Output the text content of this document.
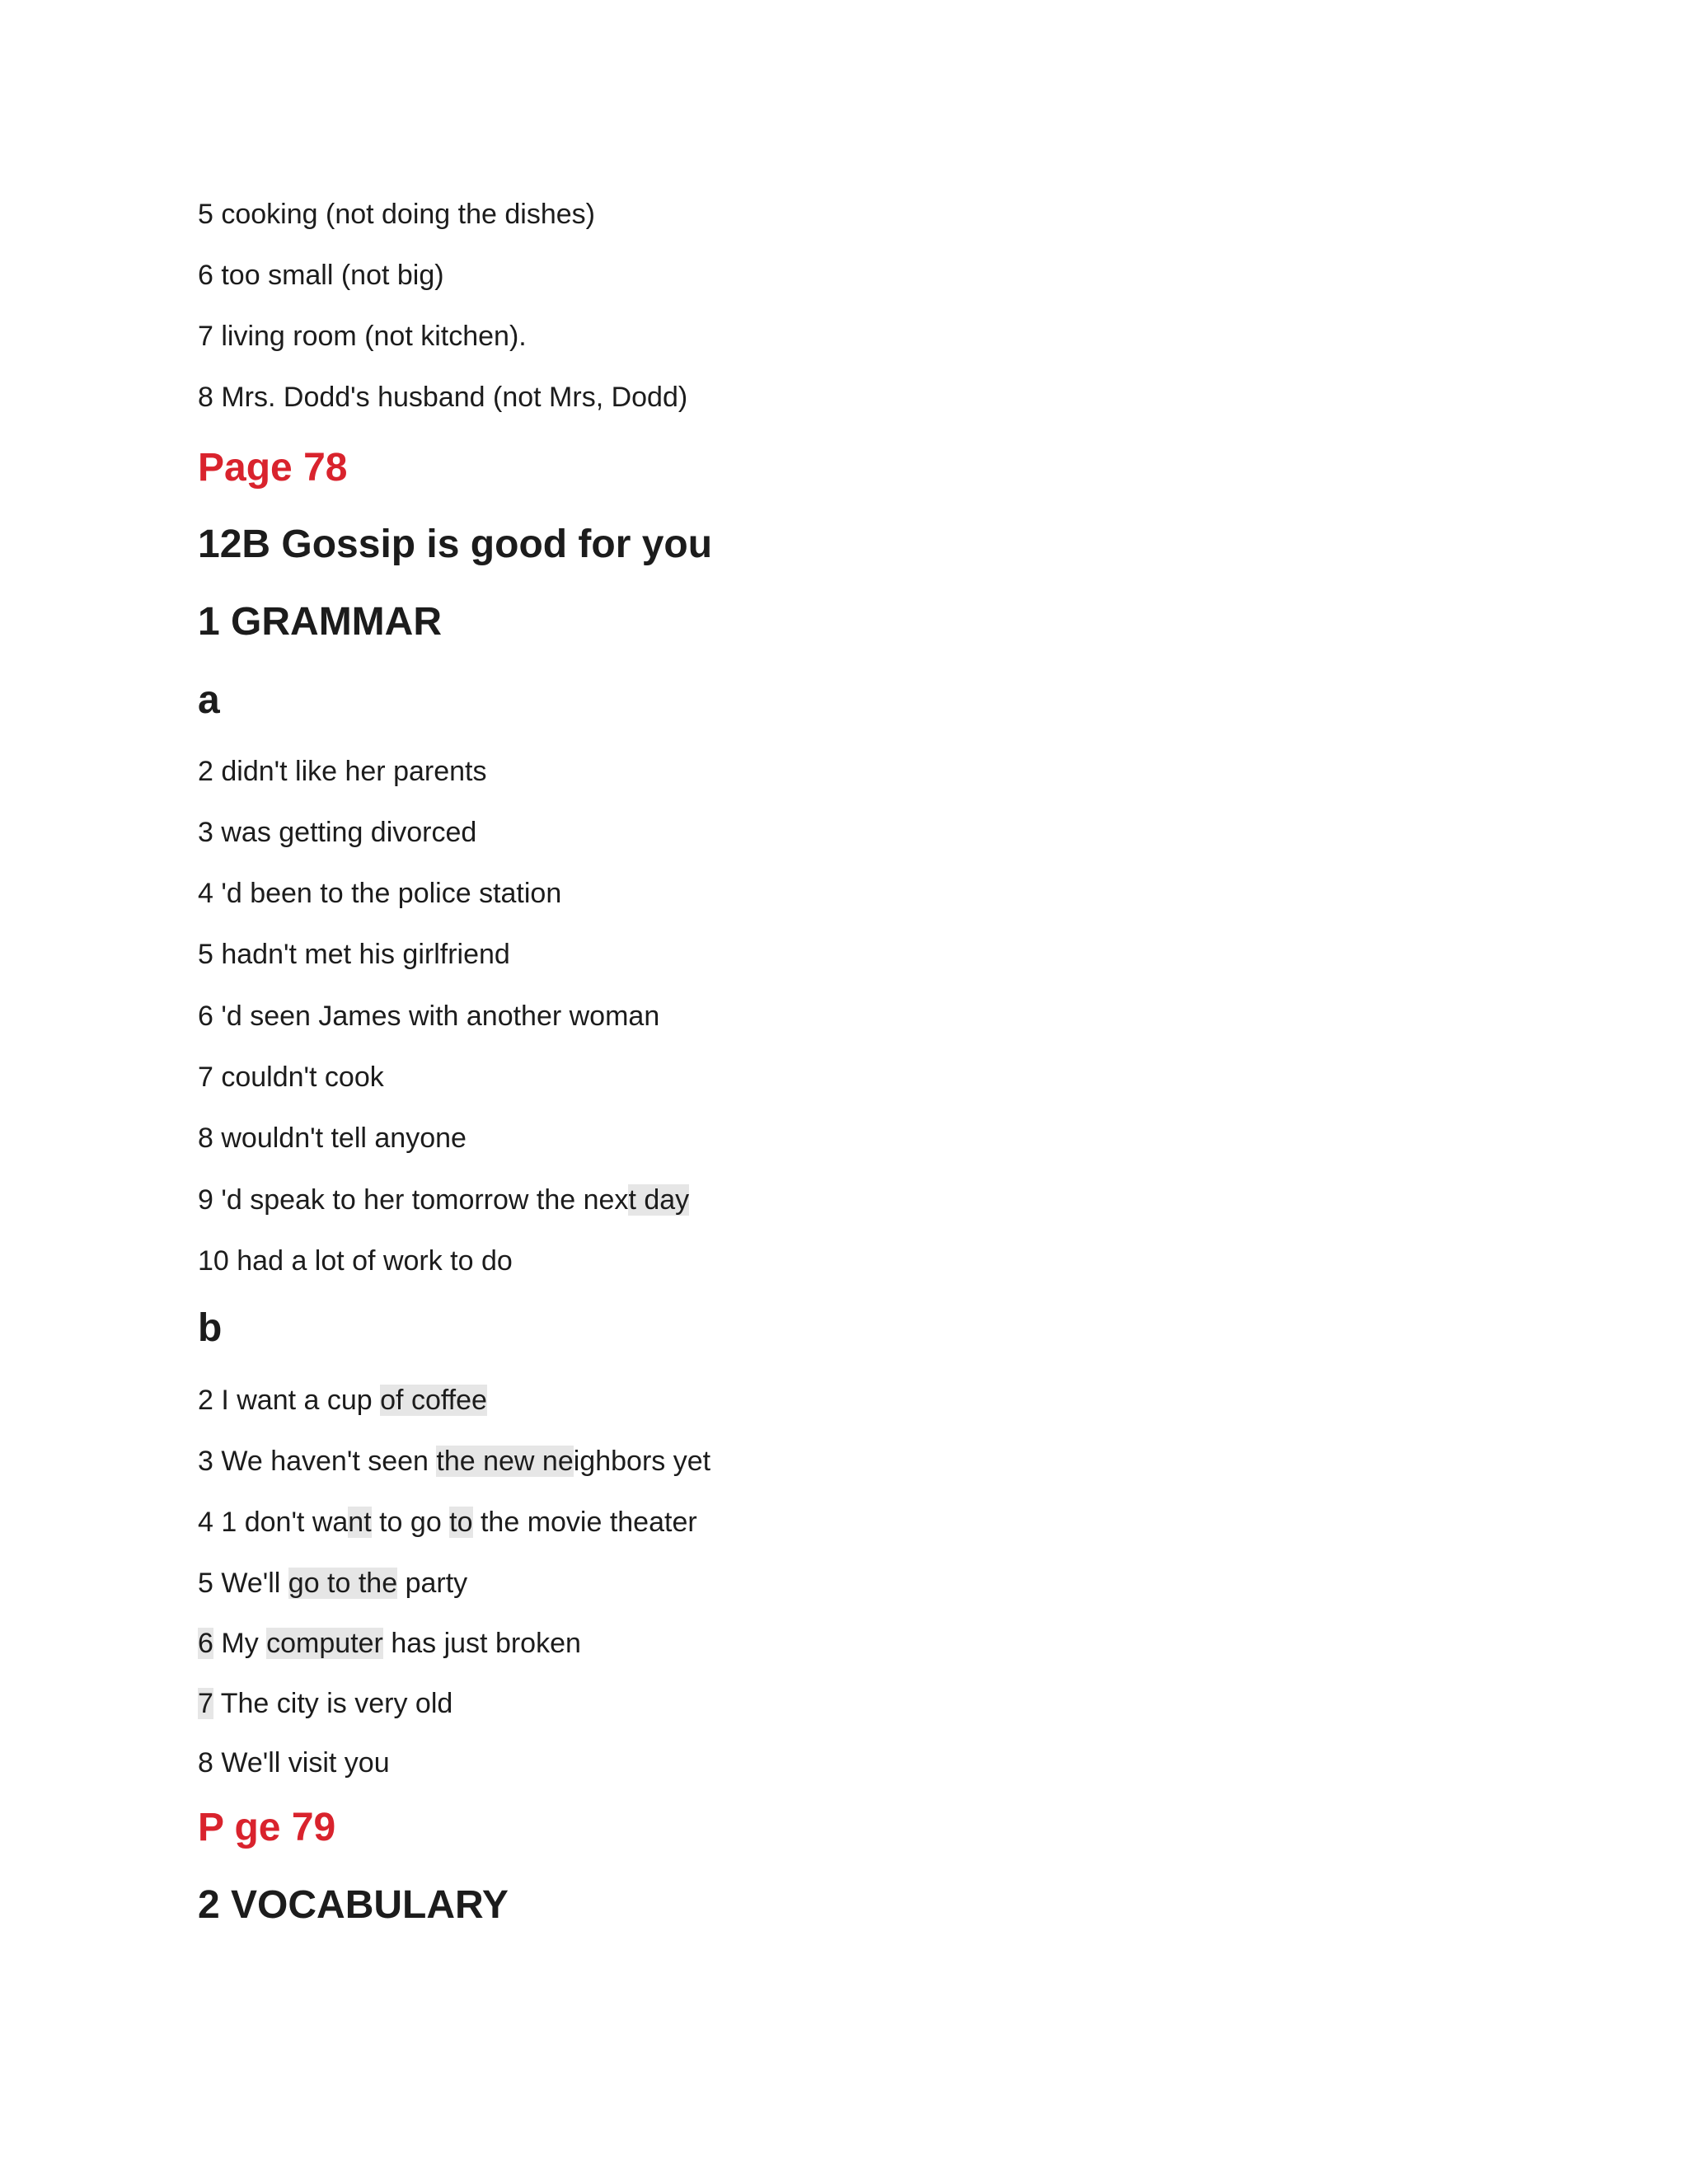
5 cooking (not doing the dishes)
6 too small (not big)
7 living room (not kitchen).
8 Mrs. Dodd's husband (not Mrs, Dodd)
Page 78
12B Gossip is good for you
1 GRAMMAR
a
2 didn't like her parents
3 was getting divorced
4 'd been to the police station
5 hadn't met his girlfriend
6 'd seen James with another woman
7 couldn't cook
8 wouldn't tell anyone
9 'd speak to her tomorrow the next day
10 had a lot of work to do
b
2 I want a cup of coffee
3 We haven't seen the new neighbors yet
4 1 don't want to go to the movie theater
5 We'll go to the party
6 My computer has just broken
7 The city is very old
8 We'll visit you
P ge 79
2 VOCABULARY
